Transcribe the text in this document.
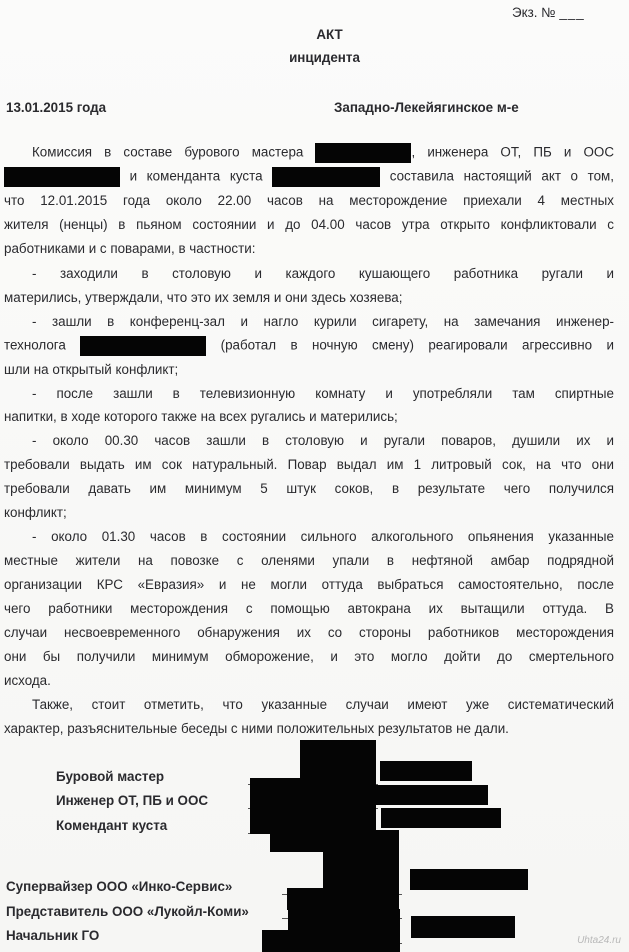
Экз. № ___
АКТ
инцидента
13.01.2015 года	Западно-Лекейягинское м-е
Комиссия в составе бурового мастера	, инженера ОТ, ПБ и ООС
и коменданта куста	составила настоящий акт о том,
что 12.01.2015 года около 22.00 часов на месторождение приехали 4 местных
жителя (ненцы) в пьяном состоянии и до 04.00 часов утра открыто конфликтовали с
работниками и с поварами, в частности:
- заходили в столовую и каждого кушающего работника ругали и
матерились, утверждали, что это их земля и они здесь хозяева;
- зашли в конференц-зал и нагло курили сигарету, на замечания инженер-
технолога	(работал в ночную смену) реагировали агрессивно и
шли на открытый конфликт;
- после зашли в телевизионную комнату и употребляли там спиртные
напитки, в ходе которого также на всех ругались и матерились;
- около 00.30 часов зашли в столовую и ругали поваров, душили их и
требовали выдать им сок натуральный. Повар выдал им 1 литровый сок, на что они
требовали давать им минимум 5 штук соков, в результате чего получился
конфликт;
- около 01.30 часов в состоянии сильного алкогольного опьянения указанные
местные жители на повозке с оленями упали в нефтяной амбар подрядной
организации КРС «Евразия» и не могли оттуда выбраться самостоятельно, после
чего работники месторождения с помощью автокрана их вытащили оттуда. В
случаи несвоевременного обнаружения их со стороны работников месторождения
они бы получили минимум обморожение, и это могло дойти до смертельного
исхода.
Также, стоит отметить, что указанные случаи имеют уже систематический
характер, разъяснительные беседы с ними положительных результатов не дали.
Буровой мастер
Инженер ОТ, ПБ и ООС
Комендант куста
Супервайзер ООО «Инко-Сервис»
Представитель ООО «Лукойл-Коми»
Начальник ГО	Uhta24.ru
